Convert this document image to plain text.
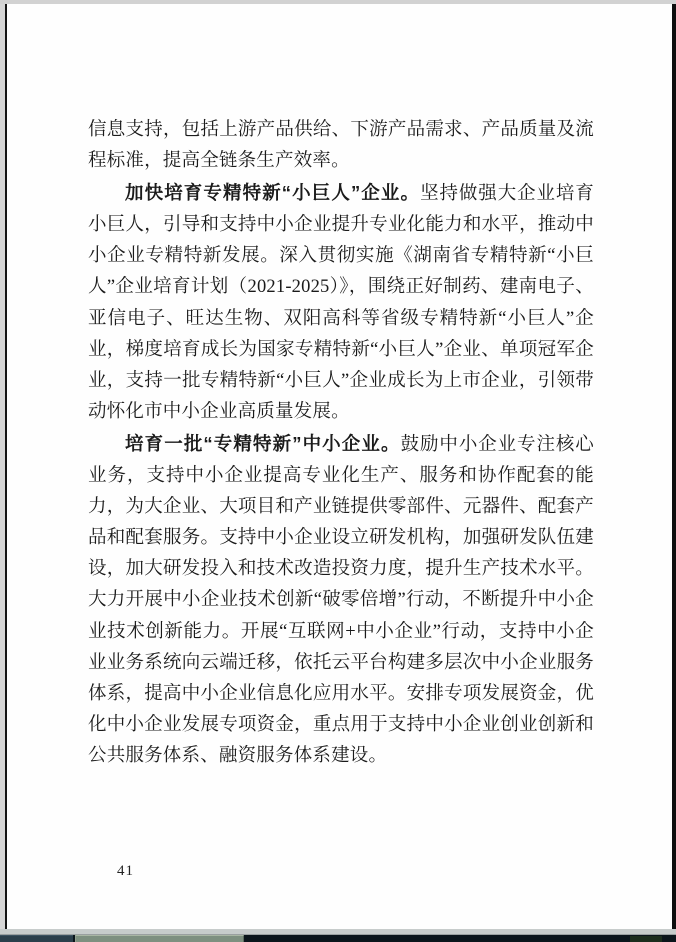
信息支持，包括上游产品供给、下游产品需求、产品质量及流程标准，提高全链条生产效率。

加快培育专精特新“小巨人”企业。坚持做强大企业培育小巨人，引导和支持中小企业提升专业化能力和水平，推动中小企业专精特新发展。深入贯彻实施《湖南省专精特新“小巨人”企业培育计划（2021-2025）》，围绕正好制药、建南电子、亚信电子、旺达生物、双阳高科等省级专精特新“小巨人”企业，梯度培育成长为国家专精特新“小巨人”企业、单项冠军企业，支持一批专精特新“小巨人”企业成长为上市企业，引领带动怀化市中小企业高质量发展。

培育一批“专精特新”中小企业。鼓励中小企业专注核心业务，支持中小企业提高专业化生产、服务和协作配套的能力，为大企业、大项目和产业链提供零部件、元器件、配套产品和配套服务。支持中小企业设立研发机构，加强研发队伍建设，加大研发投入和技术改造投资力度，提升生产技术水平。大力开展中小企业技术创新“破零倍增”行动，不断提升中小企业技术创新能力。开展“互联网+中小企业”行动，支持中小企业业务系统向云端迁移，依托云平台构建多层次中小企业服务体系，提高中小企业信息化应用水平。安排专项发展资金，优化中小企业发展专项资金，重点用于支持中小企业创业创新和公共服务体系、融资服务体系建设。

41
